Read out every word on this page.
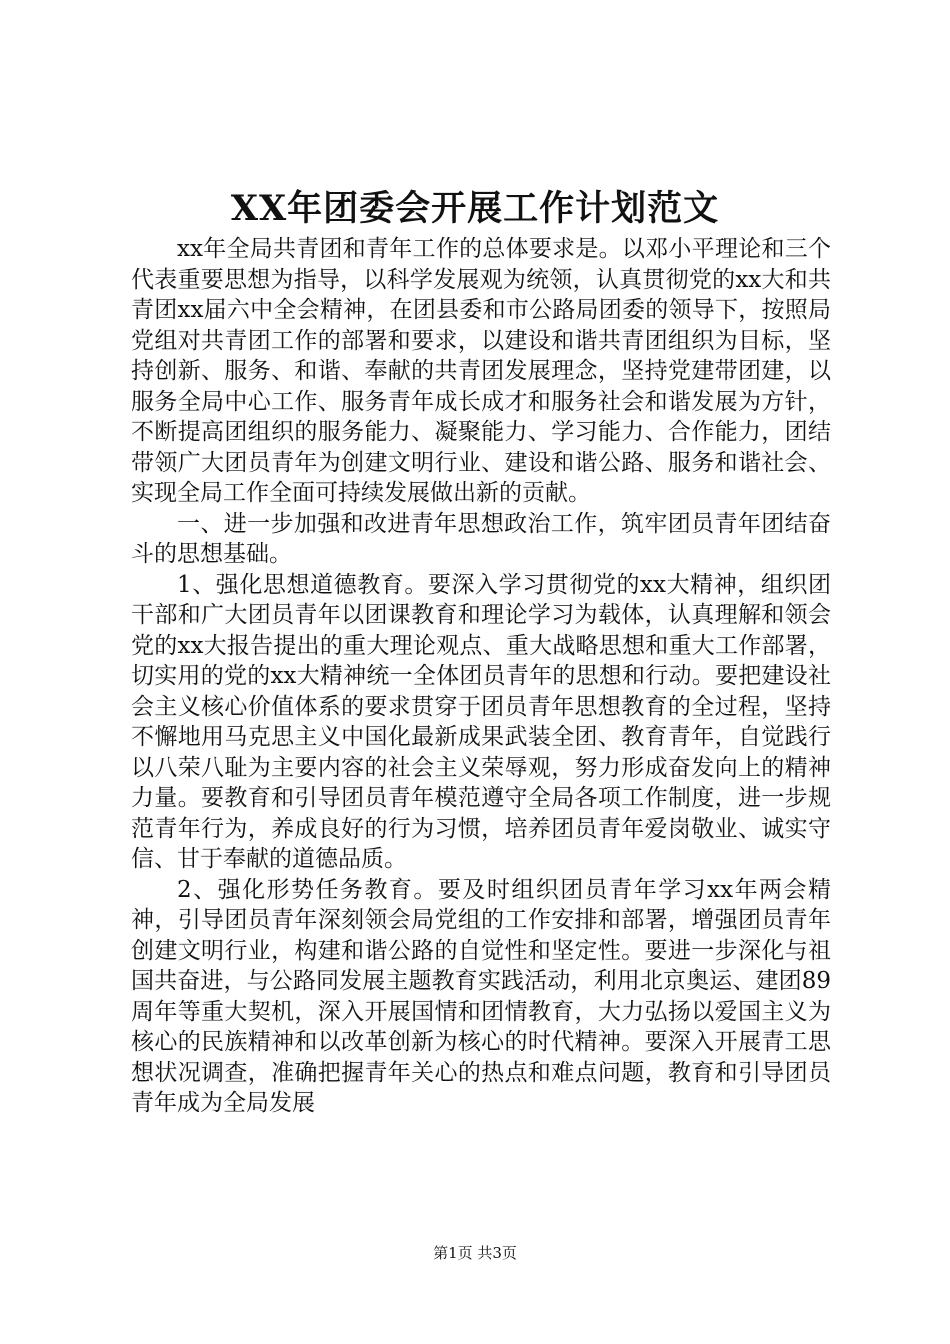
XX年团委会开展工作计划范文

xx年全局共青团和青年工作的总体要求是。以邓小平理论和三个代表重要思想为指导，以科学发展观为统领，认真贯彻党的xx大和共青团xx届六中全会精神，在团县委和市公路局团委的领导下，按照局党组对共青团工作的部署和要求，以建设和谐共青团组织为目标，坚持创新、服务、和谐、奉献的共青团发展理念，坚持党建带团建，以服务全局中心工作、服务青年成长成才和服务社会和谐发展为方针，不断提高团组织的服务能力、凝聚能力、学习能力、合作能力，团结带领广大团员青年为创建文明行业、建设和谐公路、服务和谐社会、实现全局工作全面可持续发展做出新的贡献。

一、进一步加强和改进青年思想政治工作，筑牢团员青年团结奋斗的思想基础。

1、强化思想道德教育。要深入学习贯彻党的xx大精神，组织团干部和广大团员青年以团课教育和理论学习为载体，认真理解和领会党的xx大报告提出的重大理论观点、重大战略思想和重大工作部署，切实用的党的xx大精神统一全体团员青年的思想和行动。要把建设社会主义核心价值体系的要求贯穿于团员青年思想教育的全过程，坚持不懈地用马克思主义中国化最新成果武装全团、教育青年，自觉践行以八荣八耻为主要内容的社会主义荣辱观，努力形成奋发向上的精神力量。要教育和引导团员青年模范遵守全局各项工作制度，进一步规范青年行为，养成良好的行为习惯，培养团员青年爱岗敬业、诚实守信、甘于奉献的道德品质。

2、强化形势任务教育。要及时组织团员青年学习xx年两会精神，引导团员青年深刻领会局党组的工作安排和部署，增强团员青年创建文明行业，构建和谐公路的自觉性和坚定性。要进一步深化与祖国共奋进，与公路同发展主题教育实践活动，利用北京奥运、建团89周年等重大契机，深入开展国情和团情教育，大力弘扬以爱国主义为核心的民族精神和以改革创新为核心的时代精神。要深入开展青工思想状况调查，准确把握青年关心的热点和难点问题，教育和引导团员青年成为全局发展

第1页 共3页
